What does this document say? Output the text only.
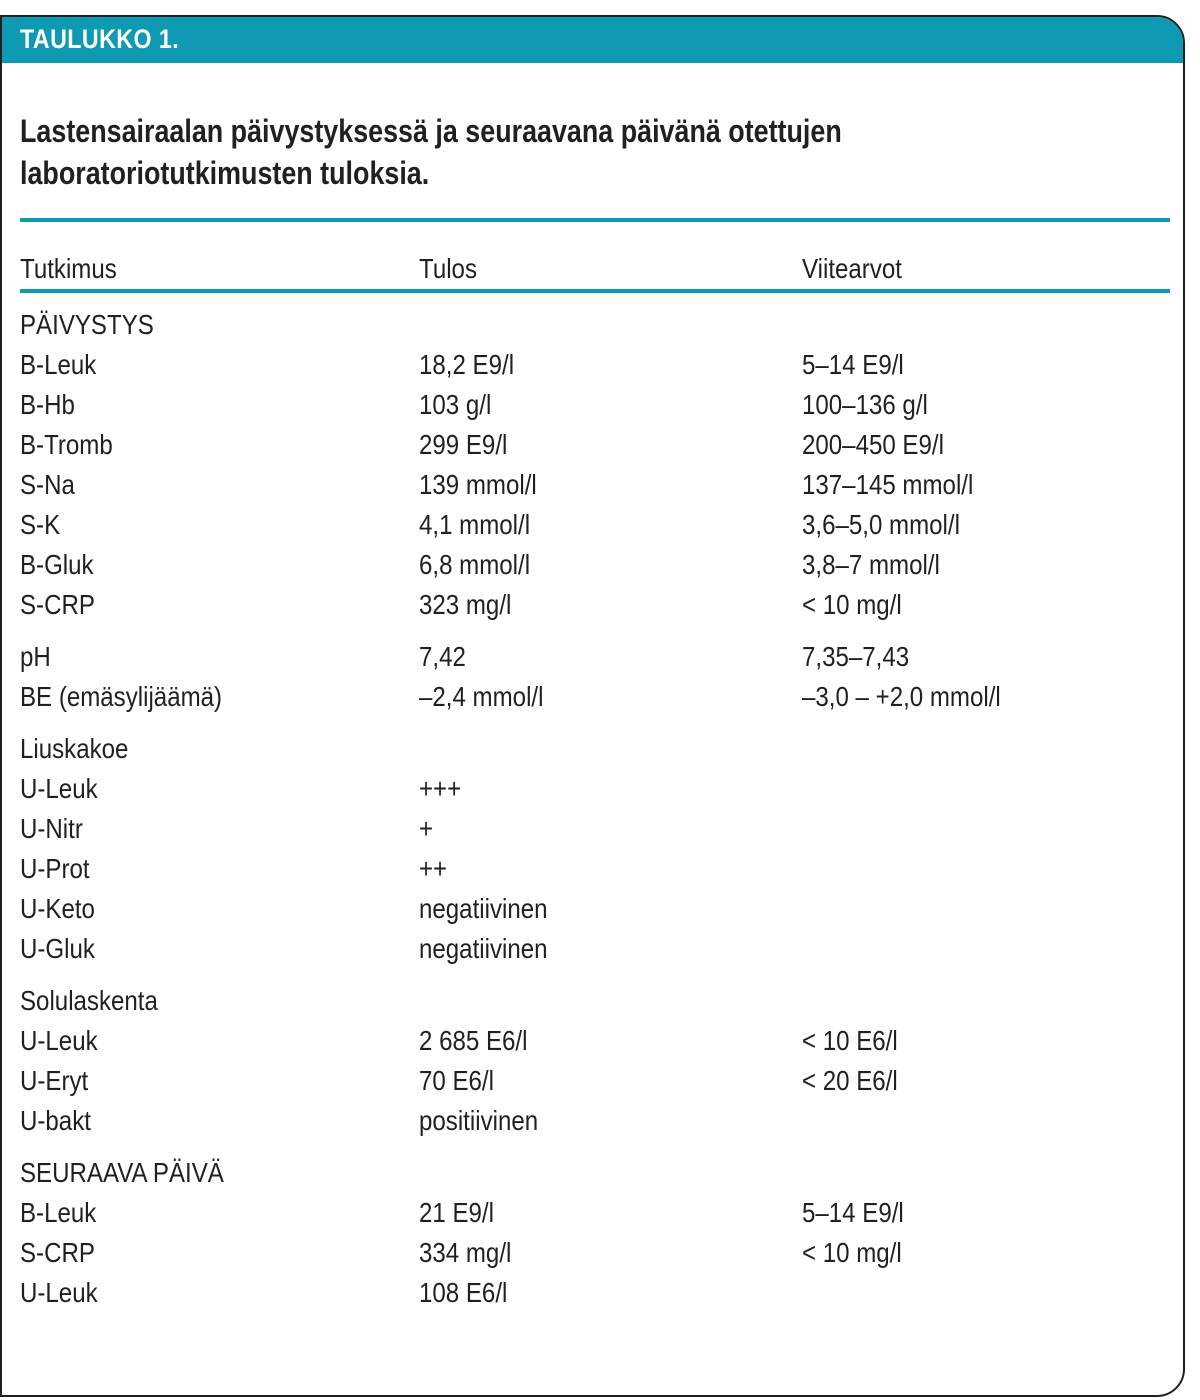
TAULUKKO 1.
Lastensairaalan päivystyksessä ja seuraavana päivänä otettujen
laboratoriotutkimusten tuloksia.
Tutkimus	Tulos	Viitearvot
PÄIVYSTYS
B-Leuk	18,2 E9/l	5–14 E9/l
B-Hb	103 g/l	100–136 g/l
B-Tromb	299 E9/l	200–450 E9/l
S-Na	139 mmol/l	137–145 mmol/l
S-K	4,1 mmol/l	3,6–5,0 mmol/l
B-Gluk	6,8 mmol/l	3,8–7 mmol/l
S-CRP	323 mg/l	< 10 mg/l
pH	7,42	7,35–7,43
BE (emäsylijäämä)	–2,4 mmol/l	–3,0 – +2,0 mmol/l
Liuskakoe
U-Leuk	+++
U-Nitr	+
U-Prot	++
U-Keto	negatiivinen
U-Gluk	negatiivinen
Solulaskenta
U-Leuk	2 685 E6/l	< 10 E6/l
U-Eryt	70 E6/l	< 20 E6/l
U-bakt	positiivinen
SEURAAVA PÄIVÄ
B-Leuk	21 E9/l	5–14 E9/l
S-CRP	334 mg/l	< 10 mg/l
U-Leuk	108 E6/l
